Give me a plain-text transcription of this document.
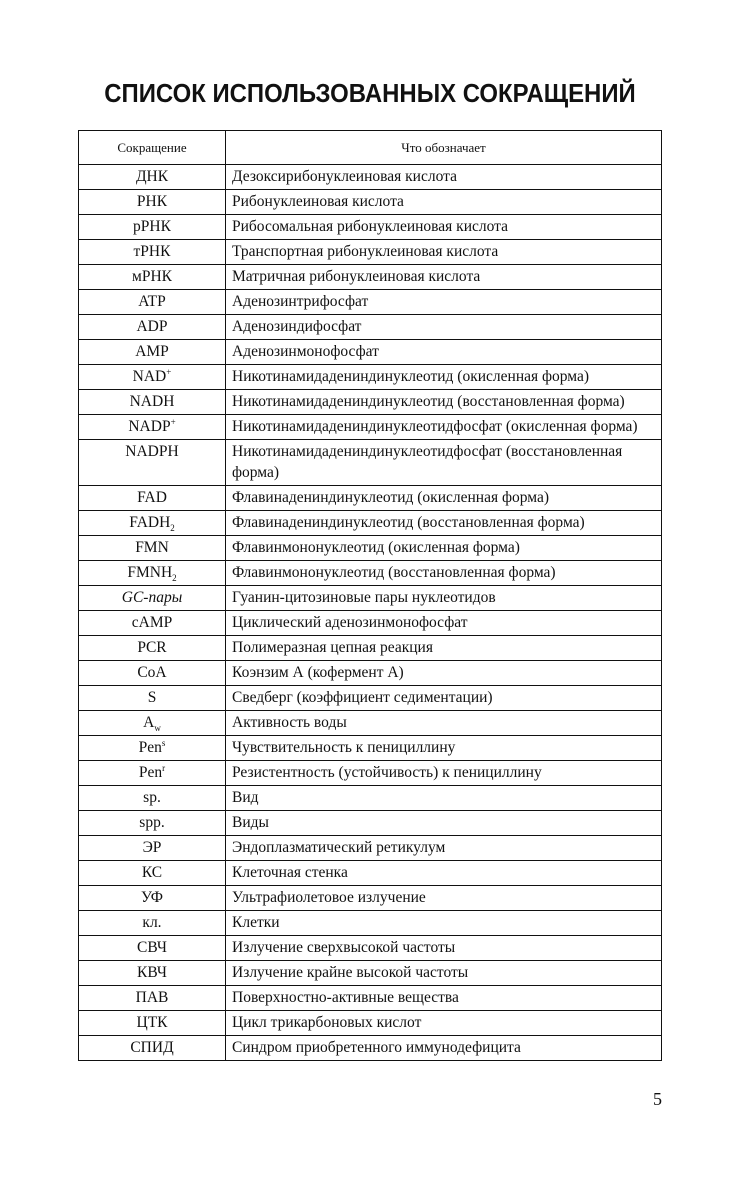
СПИСОК ИСПОЛЬЗОВАННЫХ СОКРАЩЕНИЙ
Сокращение	Что обозначает
ДНК	Дезоксирибонуклеиновая кислота
РНК	Рибонуклеиновая кислота
рРНК	Рибосомальная рибонуклеиновая кислота
тРНК	Транспортная рибонуклеиновая кислота
мРНК	Матричная рибонуклеиновая кислота
ATP	Аденозинтрифосфат
ADP	Аденозиндифосфат
AMP	Аденозинмонофосфат
NAD+	Никотинамидадениндинуклеотид (окисленная форма)
NADH	Никотинамидадениндинуклеотид (восстановленная форма)
NADP+	Никотинамидадениндинуклеотидфосфат (окисленная форма)
NADPH	Никотинамидадениндинуклеотидфосфат (восстановленная форма)
FAD	Флавинадениндинуклеотид (окисленная форма)
$FADH_2$	Флавинадениндинуклеотид (восстановленная форма)
FMN	Флавинмононуклеотид (окисленная форма)
$FMNH_2$	Флавинмононуклеотид (восстановленная форма)
GC-пары	Гуанин-цитозиновые пары нуклеотидов
cAMP	Циклический аденозинмонофосфат
PCR	Полимеразная цепная реакция
CoA	Коэнзим А (кофермент А)
S	Сведберг (коэффициент седиментации)
$A_w$	Активность воды
Pen$^s$	Чувствительность к пенициллину
Pen$^r$	Резистентность (устойчивость) к пенициллину
sp.	Вид
spp.	Виды
ЭР	Эндоплазматический ретикулум
КС	Клеточная стенка
УФ	Ультрафиолетовое излучение
кл.	Клетки
СВЧ	Излучение сверхвысокой частоты
КВЧ	Излучение крайне высокой частоты
ПАВ	Поверхностно-активные вещества
ЦТК	Цикл трикарбоновых кислот
СПИД	Синдром приобретенного иммунодефицита
5
